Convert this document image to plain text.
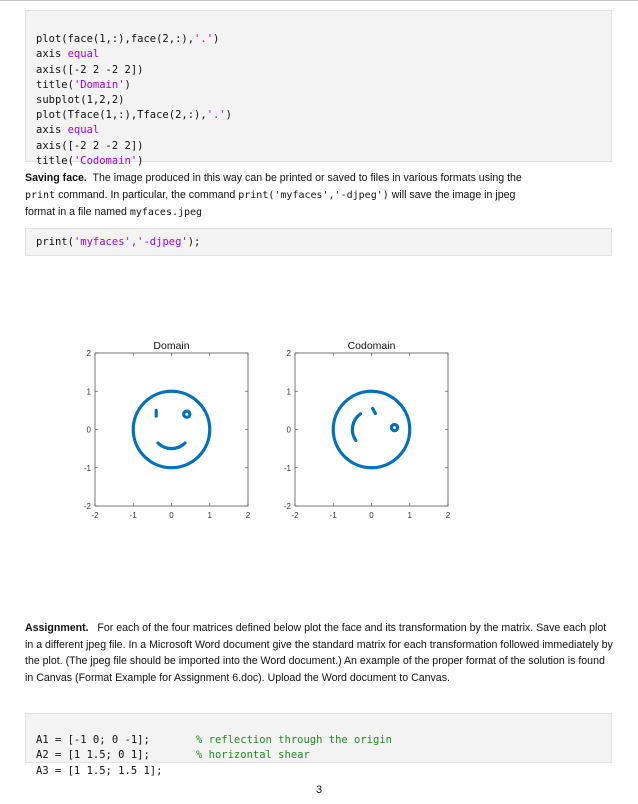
plot(face(1,:),face(2,:),'.')
axis equal
axis([-2 2 -2 2])
title('Domain')
subplot(1,2,2)
plot(Tface(1,:),Tface(2,:),'.')
axis equal
axis([-2 2 -2 2])
title('Codomain')
Saving face. The image produced in this way can be printed or saved to files in various formats using the
print command. In particular, the command print('myfaces','-djpeg') will save the image in jpeg
format in a file named myfaces.jpeg
print('myfaces','-djpeg');
Domain
-2	-1	0	1	2
-2
-1
0
1
2
Codomain
-2	-1	0	1	2
-2
-1
0
1
2
Assignment. For each of the four matrices defined below plot the face and its transformation by the matrix. Save each plot in a different jpeg file. In a Microsoft Word document give the standard matrix for each transformation followed immediately by the plot. (The jpeg file should be imported into the Word document.) An example of the proper format of the solution is found in Canvas (Format Example for Assignment 6.doc). Upload the Word document to Canvas.

A1 = [-1 0; 0 -1];	% reflection through the origin
A2 = [1 1.5; 0 1];	% horizontal shear
A3 = [1 1.5; 1.5 1];
3
